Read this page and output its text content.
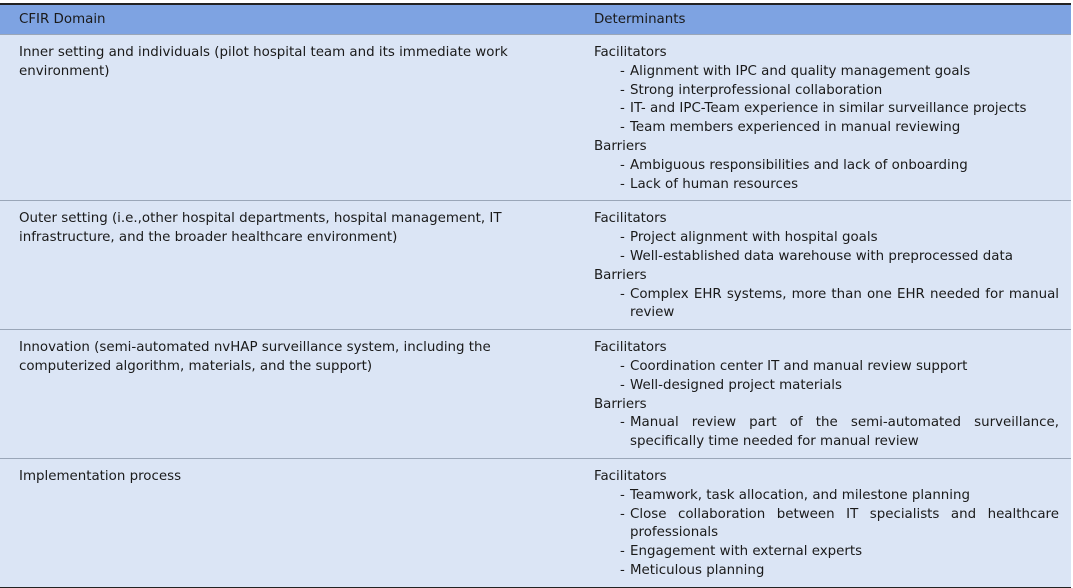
CFIR Domain	Determinants
Inner setting and individuals (pilot hospital team and its immediate work environment)
Facilitators
- Alignment with IPC and quality management goals
- Strong interprofessional collaboration
- IT- and IPC-Team experience in similar surveillance projects
- Team members experienced in manual reviewing
Barriers
- Ambiguous responsibilities and lack of onboarding
- Lack of human resources
Outer setting (i.e.,other hospital departments, hospital management, IT infrastructure, and the broader healthcare environment)
Facilitators
- Project alignment with hospital goals
- Well-established data warehouse with preprocessed data
Barriers
- Complex EHR systems, more than one EHR needed for manual review
Innovation (semi-automated nvHAP surveillance system, including the computerized algorithm, materials, and the support)
Facilitators
- Coordination center IT and manual review support
- Well-designed project materials
Barriers
- Manual review part of the semi-automated surveillance, specifically time needed for manual review
Implementation process	Facilitators
- Teamwork, task allocation, and milestone planning
- Close collaboration between IT specialists and healthcare professionals
- Engagement with external experts
- Meticulous planning
